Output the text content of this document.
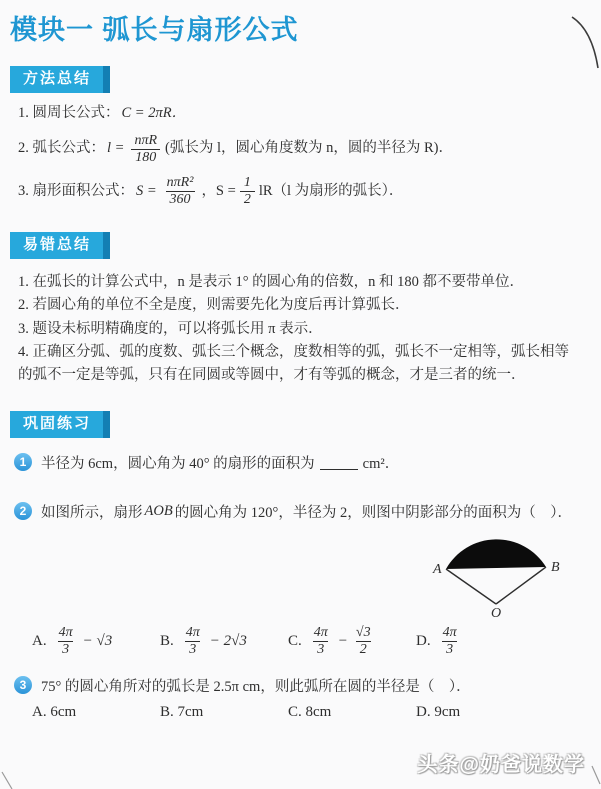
模块一 弧长与扇形公式
方法总结
1. 圆周长公式： C = 2πR．
2. 弧长公式： $l = \frac{\text{nπR}}{180}$ (弧长为 l，圆心角度数为 n，圆的半径为 R)．
3. 扇形面积公式： $S = \frac{\text{nπR²}}{360}$ ，$S = \frac{1}{2} lR(l$ 为扇形的弧长）．
易错总结
1. 在弧长的计算公式中，n 是表示 1° 的圆心角的倍数，n 和 180 都不要带单位．
2. 若圆心角的单位不全是度，则需要先化为度后再计算弧长．
3. 题设未标明精确度的，可以将弧长用 π 表示．
4. 正确区分弧、弧的度数、弧长三个概念，度数相等的弧，弧长不一定相等，弧长相等的弧不一定是等弧，只有在同圆或等圆中，才有等弧的概念，才是三者的统一．
巩固练习
1	半径为 6cm，圆心角为 40° 的扇形的面积为	cm²．
2	如图所示，扇形 AOB 的圆心角为 120°，半径为 2，则图中阴影部分的面积为（　）．
A	B
O
A. $\frac{4\pi}{3} - √3$	B. $\frac{4\pi}{3} - 2√3$	C. $\frac{4\pi}{3} - \frac{√3}{2}$	D. $\frac{4\pi}{3}$
3	75° 的圆心角所对的弧长是 2.5π cm，则此弧所在圆的半径是（　）．
A. 6cm	B. 7cm	C. 8cm	D. 9cm
头条@奶爸说数学
